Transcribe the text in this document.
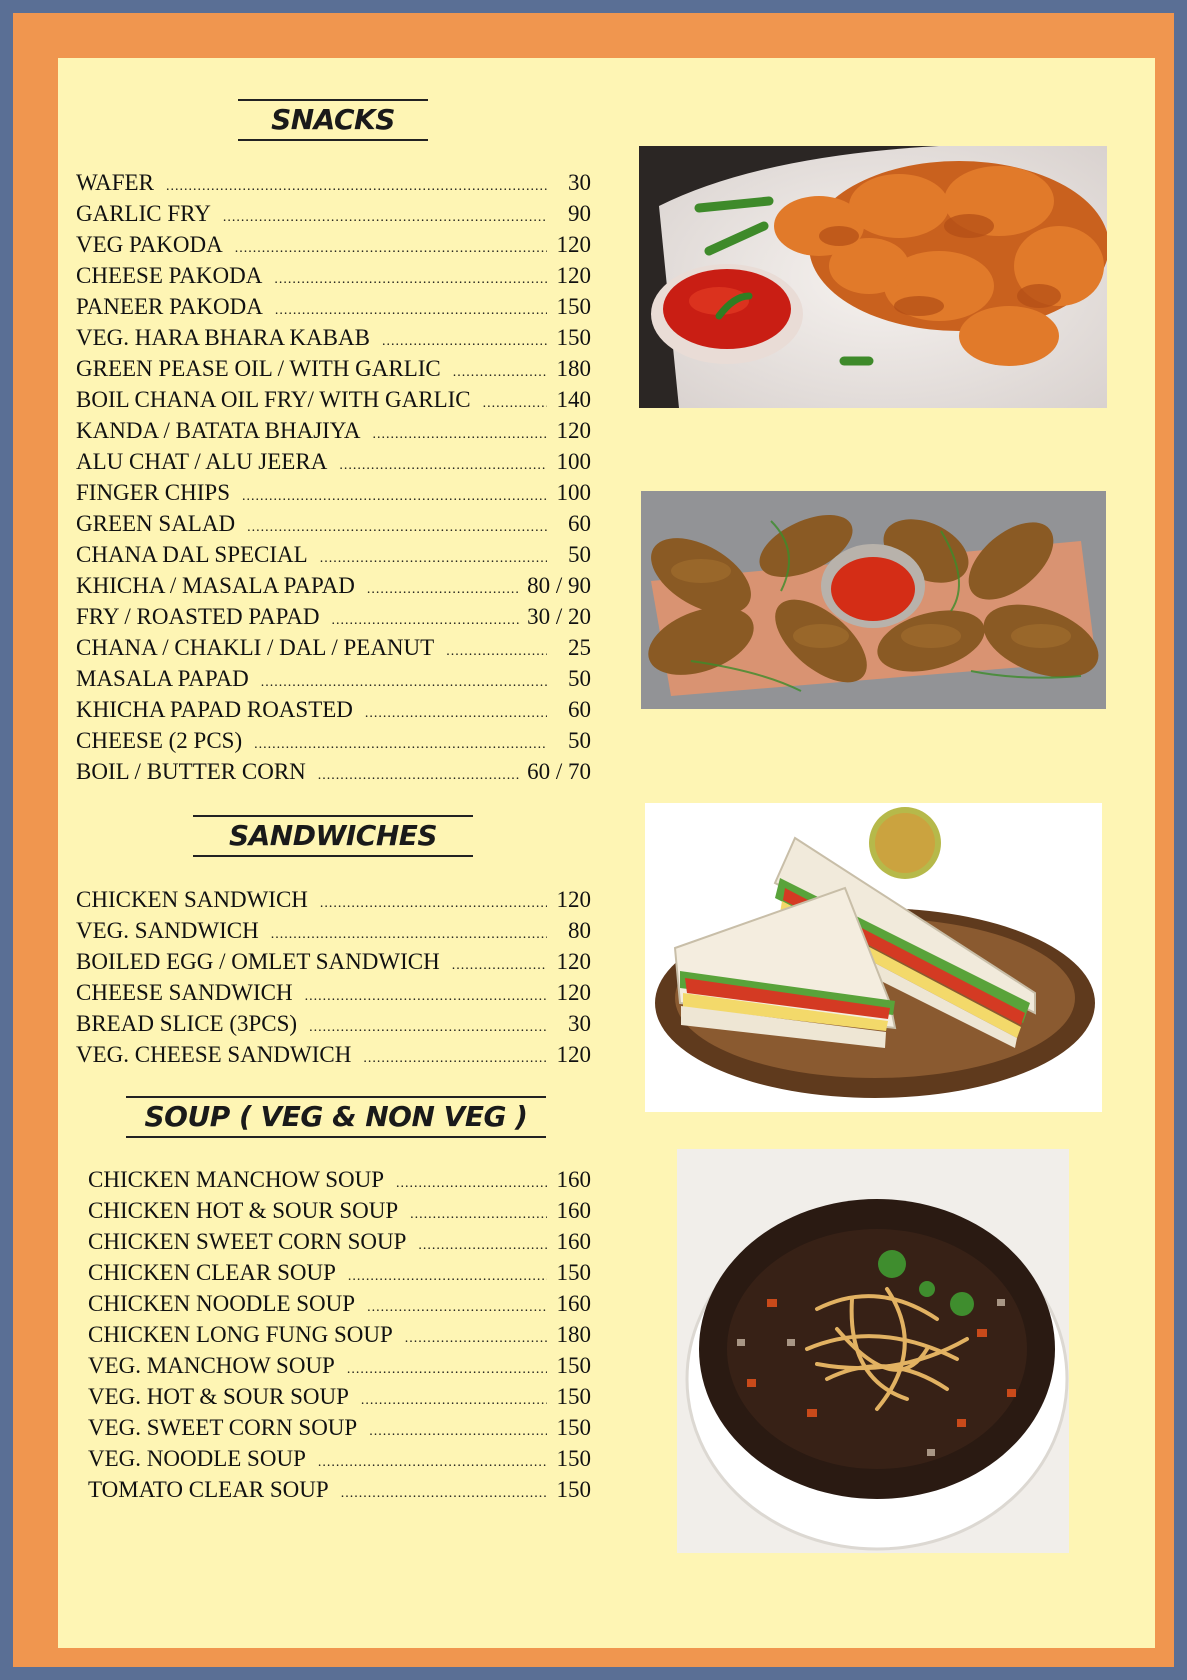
SNACKS
WAFER .....	30
GARLIC FRY .....	90
VEG PAKODA .....	120
CHEESE PAKODA .....	120
PANEER PAKODA .....	150
VEG. HARA BHARA KABAB .....	150
GREEN PEASE OIL / WITH GARLIC .....	180
BOIL CHANA OIL FRY/ WITH GARLIC .....	140
KANDA / BATATA BHAJIYA .....	120
ALU CHAT / ALU JEERA .....	100
FINGER CHIPS .....	100
GREEN SALAD .....	60
CHANA DAL SPECIAL .....	50
KHICHA / MASALA PAPAD .....	80 / 90
FRY / ROASTED PAPAD .....	30 / 20
CHANA / CHAKLI / DAL / PEANUT .....	25
MASALA PAPAD .....	50
KHICHA PAPAD ROASTED .....	60
CHEESE (2 PCS) .....	50
BOIL / BUTTER CORN .....	60 / 70
SANDWICHES
CHICKEN SANDWICH .....	120
VEG. SANDWICH .....	80
BOILED EGG / OMLET SANDWICH .....	120
CHEESE SANDWICH .....	120
BREAD SLICE (3PCS) .....	30
VEG. CHEESE SANDWICH .....	120
SOUP ( VEG & NON VEG )
CHICKEN MANCHOW SOUP .....	160
CHICKEN HOT & SOUR SOUP .....	160
CHICKEN SWEET CORN SOUP .....	160
CHICKEN CLEAR SOUP .....	150
CHICKEN NOODLE SOUP .....	160
CHICKEN LONG FUNG SOUP .....	180
VEG. MANCHOW SOUP .....	150
VEG. HOT & SOUR SOUP .....	150
VEG. SWEET CORN SOUP .....	150
VEG. NOODLE SOUP .....	150
TOMATO CLEAR SOUP .....	150
